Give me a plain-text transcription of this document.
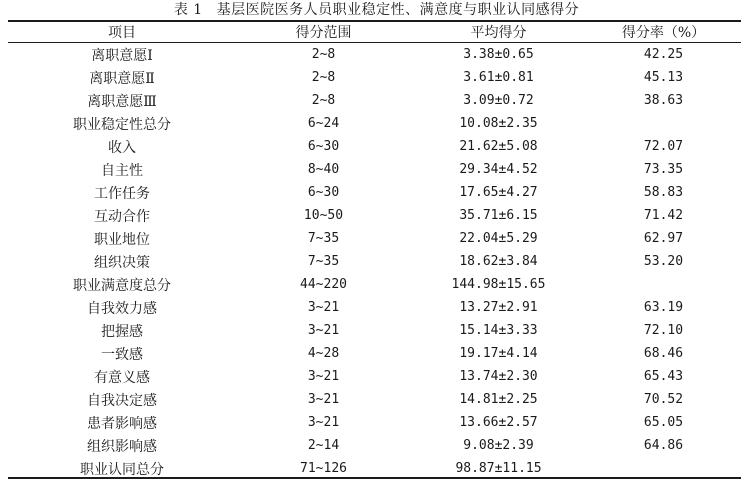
表 1 基层医院医务人员职业稳定性、满意度与职业认同感得分
项目	得分范围	平均得分	得分率（%）
离职意愿Ⅰ	2~8	3.38±0.65	42.25
离职意愿Ⅱ	2~8	3.61±0.81	45.13
离职意愿Ⅲ	2~8	3.09±0.72	38.63
职业稳定性总分	6~24	10.08±2.35
收入	6~30	21.62±5.08	72.07
自主性	8~40	29.34±4.52	73.35
工作任务	6~30	17.65±4.27	58.83
互动合作	10~50	35.71±6.15	71.42
职业地位	7~35	22.04±5.29	62.97
组织决策	7~35	18.62±3.84	53.20
职业满意度总分	44~220	144.98±15.65
自我效力感	3~21	13.27±2.91	63.19
把握感	3~21	15.14±3.33	72.10
一致感	4~28	19.17±4.14	68.46
有意义感	3~21	13.74±2.30	65.43
自我决定感	3~21	14.81±2.25	70.52
患者影响感	3~21	13.66±2.57	65.05
组织影响感	2~14	9.08±2.39	64.86
职业认同总分	71~126	98.87±11.15
